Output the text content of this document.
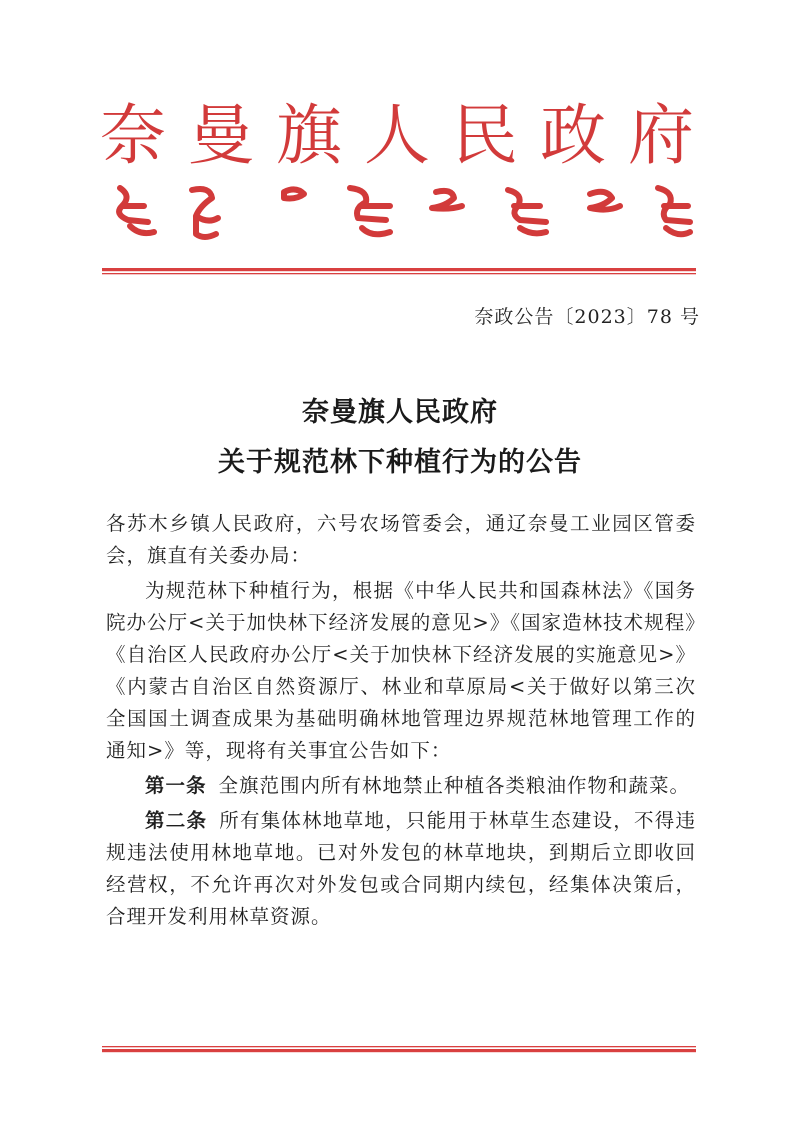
奈曼旗人民政府
奈政公告〔2023〕78 号
奈曼旗人民政府
关于规范林下种植行为的公告

各苏木乡镇人民政府，六号农场管委会，通辽奈曼工业园区管委会，旗直有关委办局：

为规范林下种植行为，根据《中华人民共和国森林法》《国务院办公厅<关于加快林下经济发展的意见>》《国家造林技术规程》《自治区人民政府办公厅<关于加快林下经济发展的实施意见>》《内蒙古自治区自然资源厅、林业和草原局<关于做好以第三次全国国土调查成果为基础明确林地管理边界规范林地管理工作的通知>》等，现将有关事宜公告如下：

第一条 全旗范围内所有林地禁止种植各类粮油作物和蔬菜。

第二条 所有集体林地草地，只能用于林草生态建设，不得违规违法使用林地草地。已对外发包的林草地块，到期后立即收回经营权，不允许再次对外发包或合同期内续包，经集体决策后，合理开发利用林草资源。
